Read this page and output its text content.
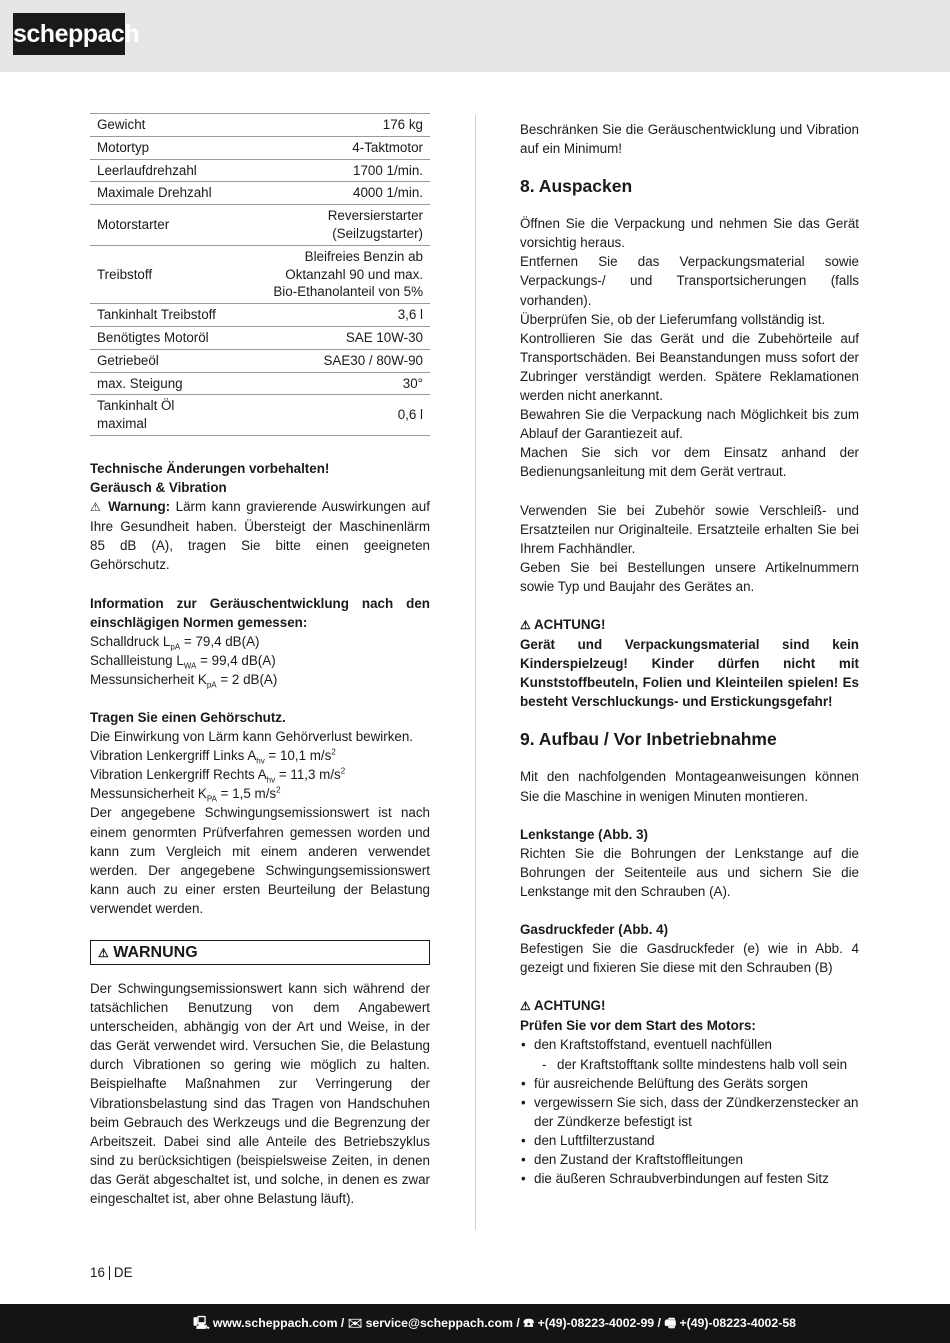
scheppach
Gewicht	176 kg
Motortyp	4-Taktmotor
Leerlaufdrehzahl	1700 1/min.
Maximale Drehzahl	4000 1/min.
Motorstarter	Reversierstarter (Seilzugstarter)
Treibstoff	Bleifreies Benzin ab Oktanzahl 90 und max. Bio-Ethanolanteil von 5%
Tankinhalt Treibstoff	3,6 l
Benötigtes Motoröl	SAE 10W-30
Getriebeöl	SAE30 / 80W-90
max. Steigung	30°
Tankinhalt Öl maximal	0,6 l

Technische Änderungen vorbehalten!

Geräusch & Vibration

⚠ Warnung: Lärm kann gravierende Auswirkungen auf Ihre Gesundheit haben. Übersteigt der Maschinenlärm 85 dB (A), tragen Sie bitte einen geeigneten Gehörschutz.

Information zur Geräuschentwicklung nach den einschlägigen Normen gemessen:

Schalldruck $L_{pA} = 79,4$ dB(A)

Schallleistung $L_{WA} = 99,4$ dB(A)

Messunsicherheit $K_{pA} = 2$ dB(A)

Tragen Sie einen Gehörschutz.

Die Einwirkung von Lärm kann Gehörverlust bewirken.

Vibration Lenkergriff Links $A_{hv} = 10,1$ $m/s^2$

Vibration Lenkergriff Rechts $A_{hv} = 11,3$ $m/s^2$

Messunsicherheit $K_{PA} = 1,5$ $m/s^2$

Der angegebene Schwingungsemissionswert ist nach einem genormten Prüfverfahren gemessen worden und kann zum Vergleich mit einem anderen verwendet werden. Der angegebene Schwingungsemissionswert kann auch zu einer ersten Beurteilung der Belastung verwendet werden.

⚠ WARNUNG

Der Schwingungsemissionswert kann sich während der tatsächlichen Benutzung von dem Angabewert unterscheiden, abhängig von der Art und Weise, in der das Gerät verwendet wird. Versuchen Sie, die Belastung durch Vibrationen so gering wie möglich zu halten. Beispielhafte Maßnahmen zur Verringerung der Vibrationsbelastung sind das Tragen von Handschuhen beim Gebrauch des Werkzeugs und die Begrenzung der Arbeitszeit. Dabei sind alle Anteile des Betriebszyklus sind zu berücksichtigen (beispielsweise Zeiten, in denen das Gerät abgeschaltet ist, und solche, in denen es zwar eingeschaltet ist, aber ohne Belastung läuft).

Beschränken Sie die Geräuschentwicklung und Vibration auf ein Minimum!

8. Auspacken

Öffnen Sie die Verpackung und nehmen Sie das Gerät vorsichtig heraus.

Entfernen Sie das Verpackungsmaterial sowie Verpackungs-/ und Transportsicherungen (falls vorhanden).

Überprüfen Sie, ob der Lieferumfang vollständig ist.

Kontrollieren Sie das Gerät und die Zubehörteile auf Transportschäden. Bei Beanstandungen muss sofort der Zubringer verständigt werden. Spätere Reklamationen werden nicht anerkannt.

Bewahren Sie die Verpackung nach Möglichkeit bis zum Ablauf der Garantiezeit auf.

Machen Sie sich vor dem Einsatz anhand der Bedienungsanleitung mit dem Gerät vertraut.

Verwenden Sie bei Zubehör sowie Verschleiß- und Ersatzteilen nur Originalteile. Ersatzteile erhalten Sie bei Ihrem Fachhändler.

Geben Sie bei Bestellungen unsere Artikelnummern sowie Typ und Baujahr des Gerätes an.

⚠ ACHTUNG!

Gerät und Verpackungsmaterial sind kein Kinderspielzeug! Kinder dürfen nicht mit Kunststoffbeuteln, Folien und Kleinteilen spielen! Es besteht Verschluckungs- und Erstickungsgefahr!

9. Aufbau / Vor Inbetriebnahme

Mit den nachfolgenden Montageanweisungen können Sie die Maschine in wenigen Minuten montieren.

Lenkstange (Abb. 3)

Richten Sie die Bohrungen der Lenkstange auf die Bohrungen der Seitenteile aus und sichern Sie die Lenkstange mit den Schrauben (A).

Gasdruckfeder (Abb. 4)

Befestigen Sie die Gasdruckfeder (e) wie in Abb. 4 gezeigt und fixieren Sie diese mit den Schrauben (B)

⚠ ACHTUNG!

Prüfen Sie vor dem Start des Motors:

• den Kraftstoffstand, eventuell nachfüllen
- der Kraftstofftank sollte mindestens halb voll sein
• für ausreichende Belüftung des Geräts sorgen
• vergewissern Sie sich, dass der Zündkerzenstecker an der Zündkerze befestigt ist
• den Luftfilterzustand
• den Zustand der Kraftstoffleitungen
• die äußeren Schraubverbindungen auf festen Sitz
16 DE
🖳 www.scheppach.com / ✉ service@scheppach.com / ☎ +(49)-08223-4002-99 / 🖷 +(49)-08223-4002-58
